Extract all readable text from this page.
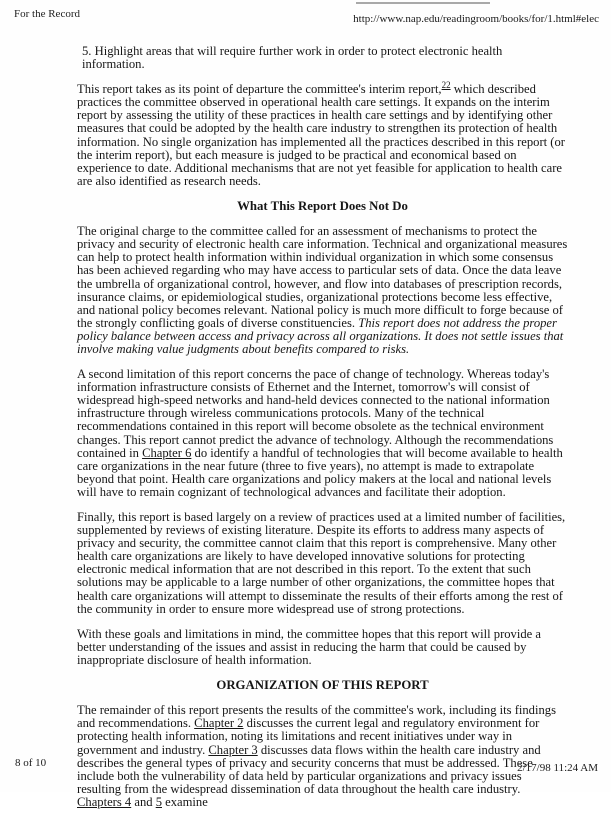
For the Record	http://www.nap.edu/readingroom/books/for/1.html#elec
5. Highlight areas that will require further work in order to protect electronic health information.

This report takes as its point of departure the committee's interim report,$^{22}$ which described practices the committee observed in operational health care settings. It expands on the interim report by assessing the utility of these practices in health care settings and by identifying other measures that could be adopted by the health care industry to strengthen its protection of health information. No single organization has implemented all the practices described in this report (or the interim report), but each measure is judged to be practical and economical based on experience to date. Additional mechanisms that are not yet feasible for application to health care are also identified as research needs.

What This Report Does Not Do

The original charge to the committee called for an assessment of mechanisms to protect the privacy and security of electronic health care information. Technical and organizational measures can help to protect health information within individual organization in which some consensus has been achieved regarding who may have access to particular sets of data. Once the data leave the umbrella of organizational control, however, and flow into databases of prescription records, insurance claims, or epidemiological studies, organizational protections become less effective, and national policy becomes relevant. National policy is much more difficult to forge because of the strongly conflicting goals of diverse constituencies. This report does not address the proper policy balance between access and privacy across all organizations. It does not settle issues that involve making value judgments about benefits compared to risks.

A second limitation of this report concerns the pace of change of technology. Whereas today's information infrastructure consists of Ethernet and the Internet, tomorrow's will consist of widespread high-speed networks and hand-held devices connected to the national information infrastructure through wireless communications protocols. Many of the technical recommendations contained in this report will become obsolete as the technical environment changes. This report cannot predict the advance of technology. Although the recommendations contained in Chapter 6 do identify a handful of technologies that will become available to health care organizations in the near future (three to five years), no attempt is made to extrapolate beyond that point. Health care organizations and policy makers at the local and national levels will have to remain cognizant of technological advances and facilitate their adoption.

Finally, this report is based largely on a review of practices used at a limited number of facilities, supplemented by reviews of existing literature. Despite its efforts to address many aspects of privacy and security, the committee cannot claim that this report is comprehensive. Many other health care organizations are likely to have developed innovative solutions for protecting electronic medical information that are not described in this report. To the extent that such solutions may be applicable to a large number of other organizations, the committee hopes that health care organizations will attempt to disseminate the results of their efforts among the rest of the community in order to ensure more widespread use of strong protections.

With these goals and limitations in mind, the committee hopes that this report will provide a better understanding of the issues and assist in reducing the harm that could be caused by inappropriate disclosure of health information.

ORGANIZATION OF THIS REPORT

The remainder of this report presents the results of the committee's work, including its findings and recommendations. Chapter 2 discusses the current legal and regulatory environment for protecting health information, noting its limitations and recent initiatives under way in government and industry. Chapter 3 discusses data flows within the health care industry and describes the general types of privacy and security concerns that must be addressed. These include both the vulnerability of data held by particular organizations and privacy issues resulting from the widespread dissemination of data throughout the health care industry. Chapters 4 and 5 examine

8 of 10	2/17/98 11:24 AM
